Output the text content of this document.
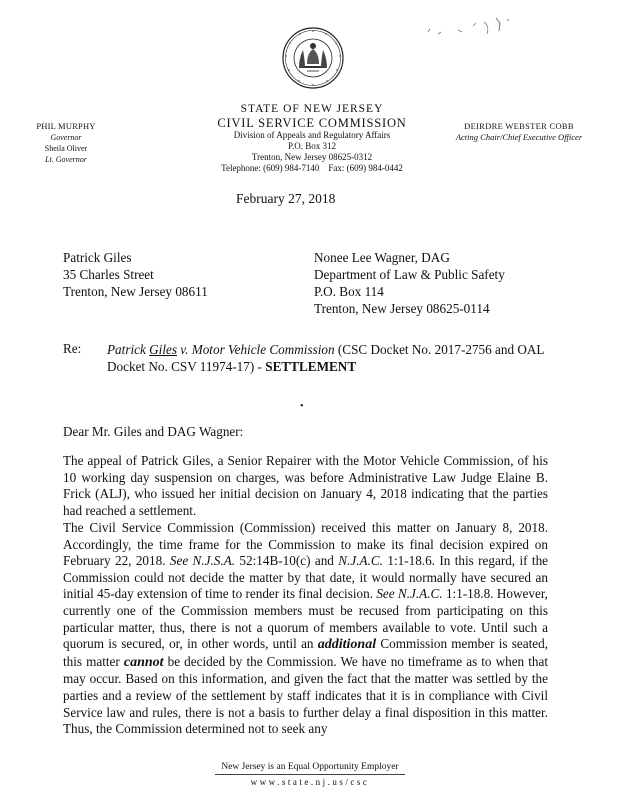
PHIL MURPHY
Governor
Sheila Oliver
Lt. Governor
STATE OF NEW JERSEY
CIVIL SERVICE COMMISSION
Division of Appeals and Regulatory Affairs
P.O. Box 312
Trenton, New Jersey 08625-0312
Telephone: (609) 984-7140    Fax: (609) 984-0442
DEIRDRE WEBSTER COBB
Acting Chair/Chief Executive Officer
February 27, 2018
Patrick Giles
35 Charles Street
Trenton, New Jersey 08611
Nonee Lee Wagner, DAG
Department of Law & Public Safety
P.O. Box 114
Trenton, New Jersey 08625-0114
Re: Patrick Giles v. Motor Vehicle Commission (CSC Docket No. 2017-2756 and OAL Docket No. CSV 11974-17) - SETTLEMENT
•
Dear Mr. Giles and DAG Wagner:
The appeal of Patrick Giles, a Senior Repairer with the Motor Vehicle Commission, of his 10 working day suspension on charges, was before Administrative Law Judge Elaine B. Frick (ALJ), who issued her initial decision on January 4, 2018 indicating that the parties had reached a settlement.
The Civil Service Commission (Commission) received this matter on January 8, 2018. Accordingly, the time frame for the Commission to make its final decision expired on February 22, 2018. See N.J.S.A. 52:14B-10(c) and N.J.A.C. 1:1-18.6. In this regard, if the Commission could not decide the matter by that date, it would normally have secured an initial 45-day extension of time to render its final decision. See N.J.A.C. 1:1-18.8. However, currently one of the Commission members must be recused from participating on this particular matter, thus, there is not a quorum of members available to vote. Until such a quorum is secured, or, in other words, until an additional Commission member is seated, this matter cannot be decided by the Commission. We have no timeframe as to when that may occur. Based on this information, and given the fact that the matter was settled by the parties and a review of the settlement by staff indicates that it is in compliance with Civil Service law and rules, there is not a basis to further delay a final disposition in this matter. Thus, the Commission determined not to seek any
New Jersey is an Equal Opportunity Employer
www.state.nj.us/csc
